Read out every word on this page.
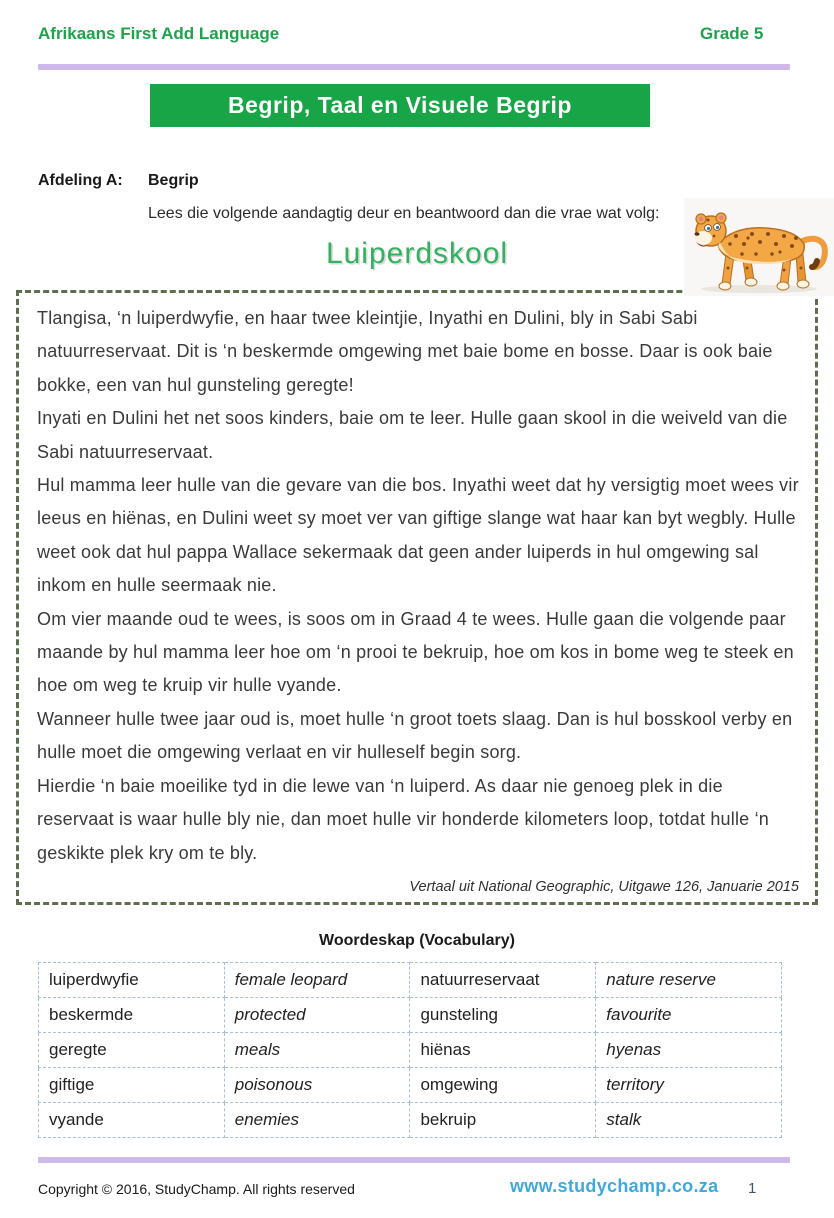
Afrikaans First Add Language	Grade 5
Begrip, Taal en Visuele Begrip
Afdeling A: Begrip
Lees die volgende aandagtig deur en beantwoord dan die vrae wat volg:
Luiperdskool

Tlangisa, ‘n luiperdwyfie, en haar twee kleintjie, Inyathi en Dulini, bly in Sabi Sabi natuurreservaat. Dit is ‘n beskermde omgewing met baie bome en bosse. Daar is ook baie bokke, een van hul gunsteling geregte!

Inyati en Dulini het net soos kinders, baie om te leer. Hulle gaan skool in die weiveld van die Sabi natuurreservaat.

Hul mamma leer hulle van die gevare van die bos. Inyathi weet dat hy versigtig moet wees vir leeus en hiënas, en Dulini weet sy moet ver van giftige slange wat haar kan byt wegbly. Hulle weet ook dat hul pappa Wallace sekermaak dat geen ander luiperds in hul omgewing sal inkom en hulle seermaak nie.

Om vier maande oud te wees, is soos om in Graad 4 te wees. Hulle gaan die volgende paar maande by hul mamma leer hoe om ‘n prooi te bekruip, hoe om kos in bome weg te steek en hoe om weg te kruip vir hulle vyande.

Wanneer hulle twee jaar oud is, moet hulle ‘n groot toets slaag. Dan is hul bosskool verby en hulle moet die omgewing verlaat en vir hulleself begin sorg.

Hierdie ‘n baie moeilike tyd in die lewe van ‘n luiperd. As daar nie genoeg plek in die reservaat is waar hulle bly nie, dan moet hulle vir honderde kilometers loop, totdat hulle ‘n geskikte plek kry om te bly.

Vertaal uit National Geographic, Uitgawe 126, Januarie 2015
Woordeskap (Vocabulary)
luiperdwyfie	female leopard	natuurreservaat	nature reserve
beskermde	protected	gunsteling	favourite
geregte	meals	hiënas	hyenas
giftige	poisonous	omgewing	territory
vyande	enemies	bekruip	stalk
Copyright © 2016, StudyChamp. All rights reserved	www.studychamp.co.za 1
